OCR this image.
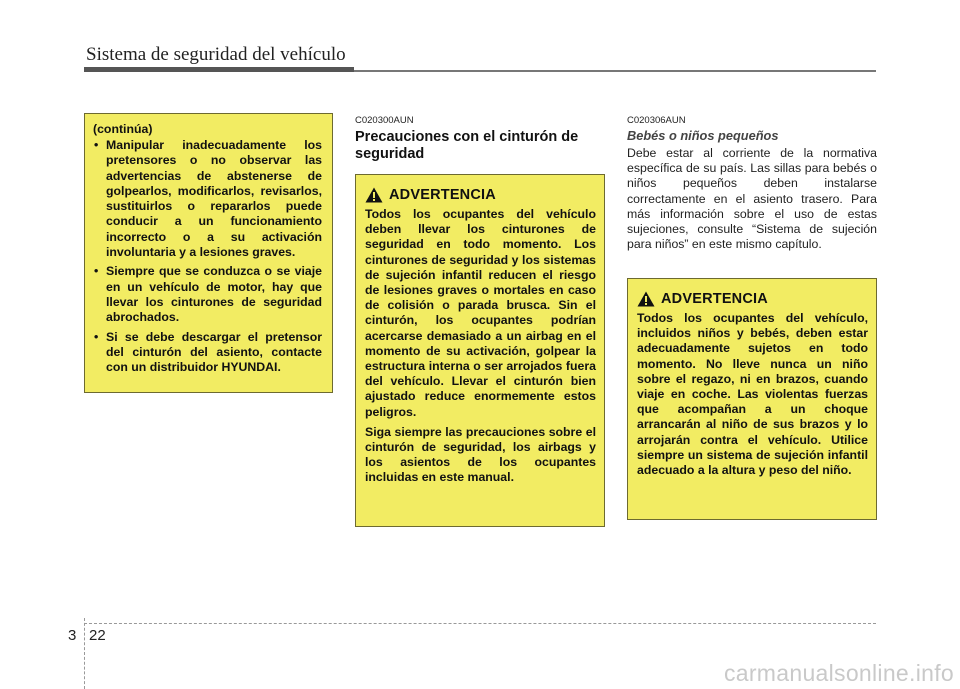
Sistema de seguridad del vehículo

(continúa)

• Manipular inadecuadamente los pretensores o no observar las advertencias de abstenerse de golpearlos, modificarlos, revisarlos, sustituirlos o repararlos puede conducir a un funcionamiento incorrecto o a su activación involuntaria y a lesiones graves.
• Siempre que se conduzca o se viaje en un vehículo de motor, hay que llevar los cinturones de seguridad abrochados.
• Si se debe descargar el pretensor del cinturón del asiento, contacte con un distribuidor HYUNDAI.
C020300AUN
Precauciones con el cinturón de seguridad
ADVERTENCIA

Todos los ocupantes del vehículo deben llevar los cinturones de seguridad en todo momento. Los cinturones de seguridad y los sistemas de sujeción infantil reducen el riesgo de lesiones graves o mortales en caso de colisión o parada brusca. Sin el cinturón, los ocupantes podrían acercarse demasiado a un airbag en el momento de su activación, golpear la estructura interna o ser arrojados fuera del vehículo. Llevar el cinturón bien ajustado reduce enormemente estos peligros.

Siga siempre las precauciones sobre el cinturón de seguridad, los airbags y los asientos de los ocupantes incluidas en este manual.

C020306AUN
Bebés o niños pequeños

Debe estar al corriente de la normativa específica de su país. Las sillas para bebés o niños pequeños deben instalarse correctamente en el asiento trasero. Para más información sobre el uso de estas sujeciones, consulte “Sistema de sujeción para niños” en este mismo capítulo.

ADVERTENCIA

Todos los ocupantes del vehículo, incluidos niños y bebés, deben estar adecuadamente sujetos en todo momento. No lleve nunca un niño sobre el regazo, ni en brazos, cuando viaje en coche. Las violentas fuerzas que acompañan a un choque arrancarán al niño de sus brazos y lo arrojarán contra el vehículo. Utilice siempre un sistema de sujeción infantil adecuado a la altura y peso del niño.

3 22
carmanualsonline.info
